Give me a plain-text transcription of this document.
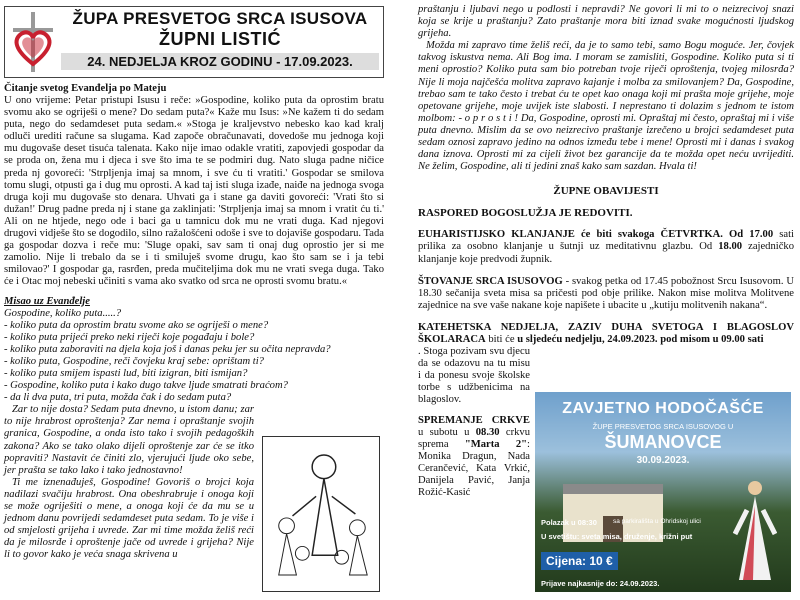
ŽUPA PRESVETOG SRCA ISUSOVA
ŽUPNI LISTIĆ
24. NEDJELJA KROZ GODINU - 17.09.2023.
Čitanje svetog Evanđelja po Mateju
U ono vrijeme: Petar pristupi Isusu i reče: »Gospodine, koliko puta da oprostim bratu svomu ako se ogriješi o mene? Do sedam puta?« Kaže mu Isus: »Ne kažem ti do sedam puta, nego do sedamdeset puta sedam.« »Stoga je kraljevstvo nebesko kao kad kralj odluči urediti račune sa slugama. Kad započe obračunavati, dovedoše mu jednoga koji mu dugovaše deset tisuća talenata. Kako nije imao odakle vratiti, zapovjedi gospodar da se proda on, žena mu i djeca i sve što ima te se podmiri dug. Nato sluga padne ničice preda nj govoreći: 'Strpljenja imaj sa mnom, i sve ću ti vratiti.' Gospodar se smilova tomu slugi, otpusti ga i dug mu oprosti. A kad taj isti sluga izađe, naiđe na jednoga svoga druga koji mu dugovaše sto denara. Uhvati ga i stane ga daviti govoreći: 'Vrati što si dužan!' Drug padne preda nj i stane ga zaklinjati: 'Strpljenja imaj sa mnom i vratit ću ti.' Ali on ne htjede, nego ode i baci ga u tamnicu dok mu ne vrati duga. Kad njegovi drugovi vidješe što se dogodilo, silno ražalošćeni odoše i sve to dojaviše gospodaru. Tada ga gospodar dozva i reče mu: 'Sluge opaki, sav sam ti onaj dug oprostio jer si me zamolio. Nije li trebalo da se i ti smiluješ svome drugu, kao što sam se i ja tebi smilovao?' I gospodar ga, rasrđen, preda mučiteljima dok mu ne vrati svega duga. Tako će i Otac moj nebeski učiniti s vama ako svatko od srca ne oprosti svomu bratu.«
Misao uz Evanđelje
Gospodine, koliko puta.....?
- koliko puta da oprostim bratu svome ako se ogriješi o mene?
- koliko puta prijeći preko neki riječi koje pogađaju i bole?
- koliko puta zaboraviti na djela koja još i danas peku jer su očita nepravda?
- koliko puta, Gospodine, reči čovjeku kraj sebe: oprištam ti?
- koliko puta smijem ispasti lud, biti izigran, biti ismijan?
- Gospodine, koliko puta i kako dugo takve ljude smatrati braćom?
- da li dva puta, tri puta, možda čak i do sedam puta?
Zar to nije dosta? Sedam puta dnevno, u istom danu; zar to nije hrabrost oproštenja? Zar nema i opraštanje svojih granica, Gospodine, a onda isto tako i svojih pedagoških zakona? Ako se tako olako dijeli oproštenje zar će se itko popraviti? Nastavit će činiti zlo, vjerujući ljude oko sebe, jer prašta se tako lako i tako jednostavno!
Ti me iznenađuješ, Gospodine! Govoriš o brojci koja nadilazi svačiju hrabrost. Ona obeshrabruje i onoga koji se može ogriješiti o mene, a onoga koji će da mu se u jednom danu povrijedi sedamdeset puta sedam. To je više i od smjelosti grijeha i uvrede. Zar mi time možda želiš reći da je milosrđe i oproštenje jače od uvrede i grijeha? Nije li to govor kako je veća snaga skrivena u
praštanju i ljubavi nego u podlosti i nepravdi? Ne govori li mi to o neizrecivoj snazi koja se krije u praštanju? Zato praštanje mora biti iznad svake mogućnosti ljudskog grijeha.
Možda mi zapravo time želiš reći, da je to samo tebi, samo Bogu moguće. Jer, čovjek takvog iskustva nema. Ali Bog ima. I moram se zamisliti, Gospodine. Koliko puta si ti meni oprostio? Koliko puta sam bio potreban tvoje riječi oproštenja, tvojeg milosrđa? Nije li moja najčešća molitva zapravo kajanje i molba za smilovanjem? Da, Gospodine, trebao sam te tako često i trebat ću te opet kao onaga koji mi prašta moje grijehe, moje opetovane grijehe, moje uvijek iste slabosti. I neprestano ti dolazim s jednom te istom molbom: - o p r o s t i ! Da, Gospodine, oprosti mi. Opraštaj mi često, opraštaj mi i više puta dnevno. Mislim da se ovo neizrecivo praštanje izrečeno u brojci sedamdeset puta sedam oznosi zapravo jedino na odnos između tebe i mene! Oprosti mi i danas i svakog dana iznova. Oprosti mi za cijeli život bez garancije da te možda opet neću uvrijediti. Ne želim, Gospodine, ali ti jedini znaš kako sam sazdan. Hvala ti!
ŽUPNE OBAVIJESTI
RASPORED BOGOSLUŽJA JE REDOVITI.
EUHARISTIJSKO KLANJANJE će biti svakoga ČETVRTKA. Od 17.00 sati prilika za osobno klanjanje u šutnji uz meditativnu glazbu. Od 18.00 zajedničko klanjanje koje predvodi župnik.
ŠTOVANJE SRCA ISUSOVOG - svakog petka od 17.45 pobožnost Srcu Isusovom. U 18.30 sečanija sveta misa sa pričesti pod obje prilike. Nakon mise molitva Molitvene zajednice na sve vaše nakane koje napišete i ubacite u „kutiju molitvenih nakana“.
KATEHETSKA NEDJELJA, ZAZIV DUHA SVETOGA I BLAGOSLOV ŠKOLARACA biti će u sljedeću nedjelju, 24.09.2023. pod misom u 09.00 sati
. Stoga pozivam svu djecu da se odazovu na tu misu i da ponesu svoje školske torbe s udžbenicima na blagoslov.
SPREMANJE CRKVE u subotu u 08.30 crkvu sprema "Marta 2": Monika Dragun, Nada Cerančević, Kata Vrkić, Danijela Pavić, Janja Rožić-Kasić
ZAVJETNO HODOČAŠĆE
ŽUPE PRESVETOG SRCA ISUSOVOG U
ŠUMANOVCE
30.09.2023.
Polazak u 08:30 sa parkirališta u Ohridskoj ulici
U svetištu: sveta misa, druženje, križni put
Cijena: 10 €
Prijave najkasnije do: 24.09.2023.
